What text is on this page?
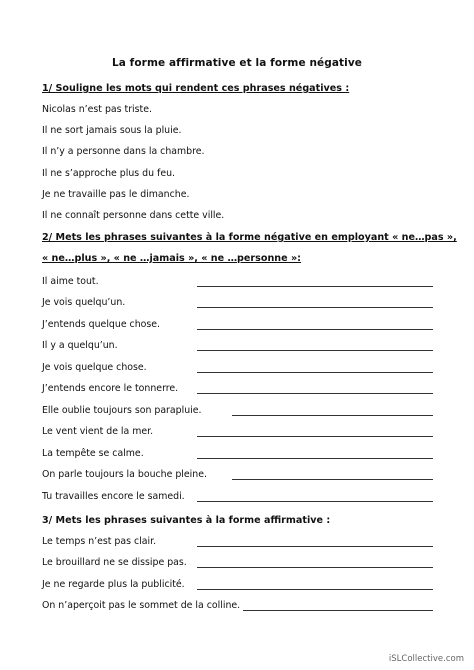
La forme affirmative et la forme négative
1/ Souligne les mots qui rendent ces phrases négatives :
Nicolas n’est pas triste.
Il ne sort jamais sous la pluie.
Il n’y a personne dans la chambre.
Il ne s’approche plus du feu.
Je ne travaille pas le dimanche.
Il ne connaît personne dans cette ville.
2/ Mets les phrases suivantes à la forme négative en employant « ne…pas »,
« ne…plus », « ne …jamais », « ne …personne »:
Il aime tout.
Je vois quelqu’un.
J’entends quelque chose.
Il y a quelqu’un.
Je vois quelque chose.
J’entends encore le tonnerre.
Elle oublie toujours son parapluie.
Le vent vient de la mer.
La tempête se calme.
On parle toujours la bouche pleine.
Tu travailles encore le samedi.
3/ Mets les phrases suivantes à la forme affirmative :
Le temps n’est pas clair.
Le brouillard ne se dissipe pas.
Je ne regarde plus la publicité.
On n’aperçoit pas le sommet de la colline.
iSLCollective.com
